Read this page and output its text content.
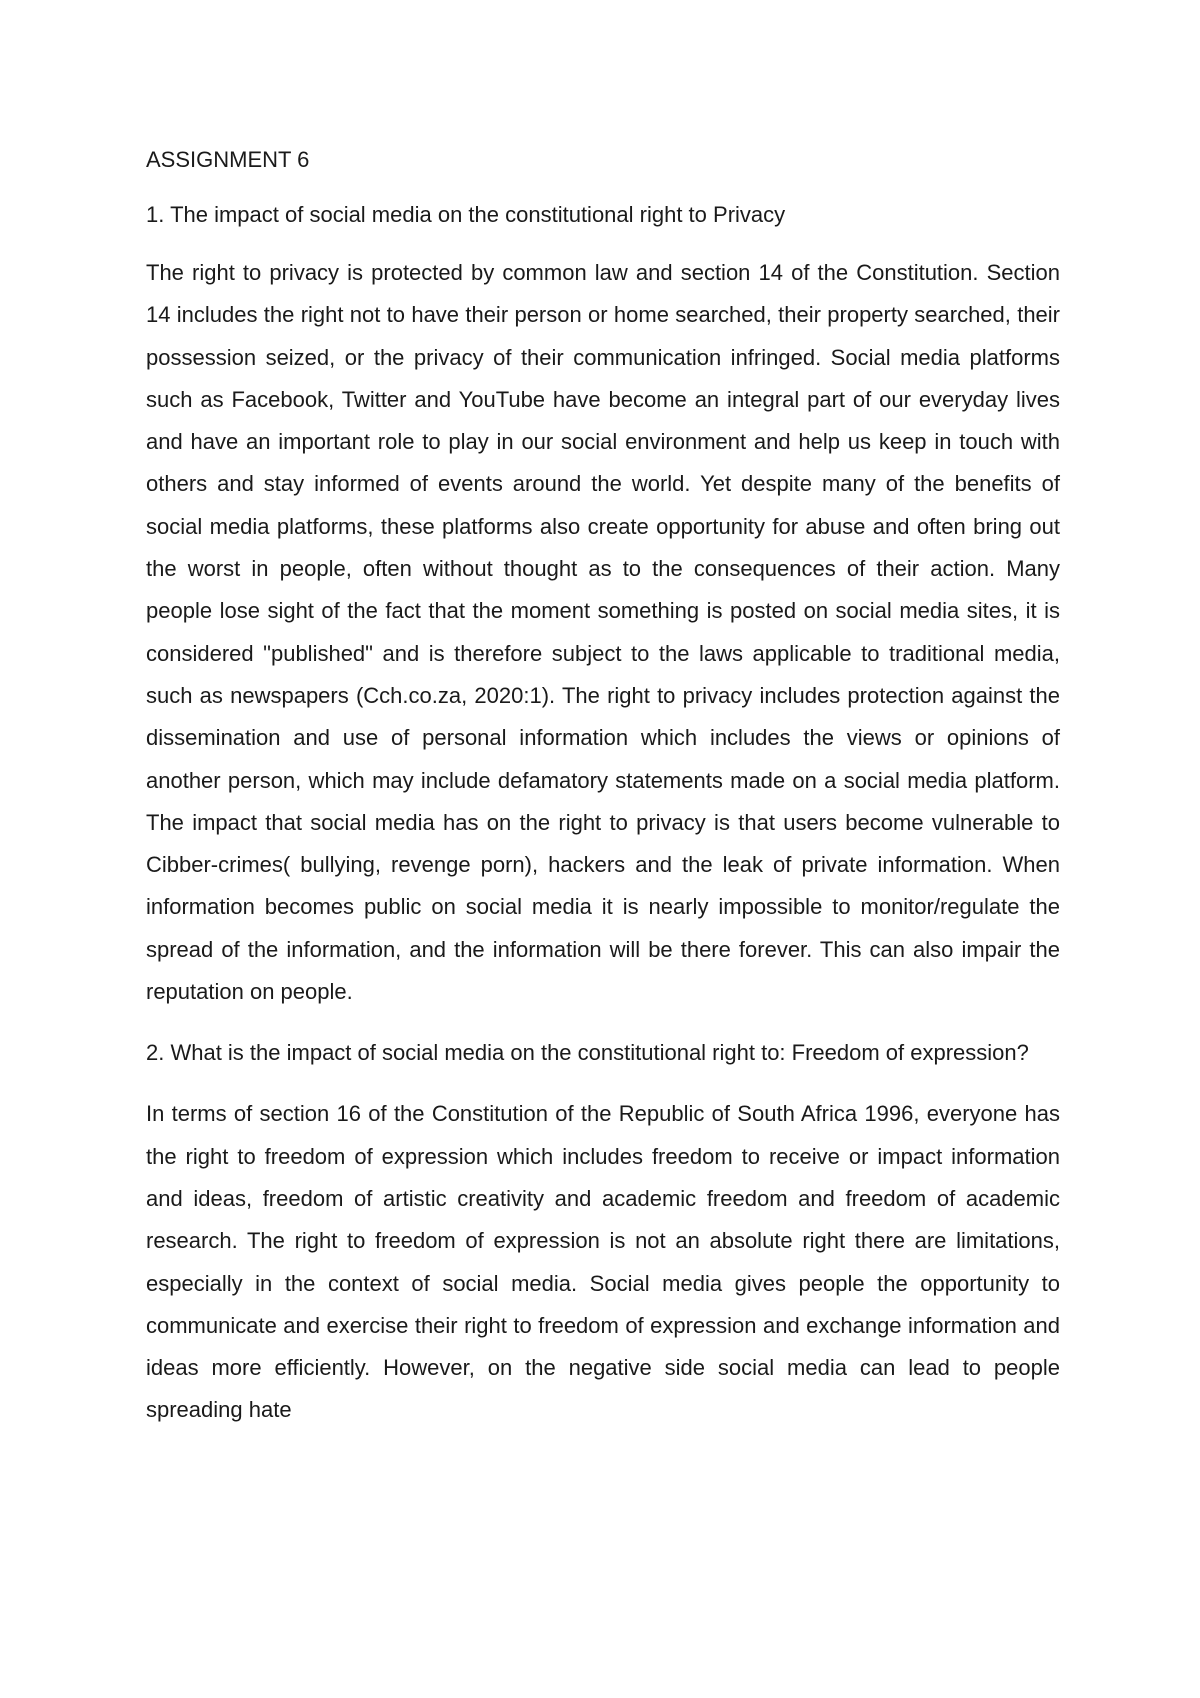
ASSIGNMENT 6
1. The impact of social media on the constitutional right to Privacy
The right to privacy is protected by common law and section 14 of the Constitution. Section 14 includes the right not to have their person or home searched, their property searched, their possession seized, or the privacy of their communication infringed. Social media platforms such as Facebook, Twitter and YouTube have become an integral part of our everyday lives and have an important role to play in our social environment and help us keep in touch with others and stay informed of events around the world. Yet despite many of the benefits of social media platforms, these platforms also create opportunity for abuse and often bring out the worst in people, often without thought as to the consequences of their action. Many people lose sight of the fact that the moment something is posted on social media sites, it is considered "published" and is therefore subject to the laws applicable to traditional media, such as newspapers (Cch.co.za, 2020:1). The right to privacy includes protection against the dissemination and use of personal information which includes the views or opinions of another person, which may include defamatory statements made on a social media platform. The impact that social media has on the right to privacy is that users become vulnerable to Cibber-crimes( bullying, revenge porn), hackers and the leak of private information. When information becomes public on social media it is nearly impossible to monitor/regulate the spread of the information, and the information will be there forever. This can also impair the reputation on people.
2. What is the impact of social media on the constitutional right to: Freedom of expression?
In terms of section 16 of the Constitution of the Republic of South Africa 1996, everyone has the right to freedom of expression which includes freedom to receive or impact information and ideas, freedom of artistic creativity and academic freedom and freedom of academic research. The right to freedom of expression is not an absolute right there are limitations, especially in the context of social media. Social media gives people the opportunity to communicate and exercise their right to freedom of expression and exchange information and ideas more efficiently. However, on the negative side social media can lead to people spreading hate
